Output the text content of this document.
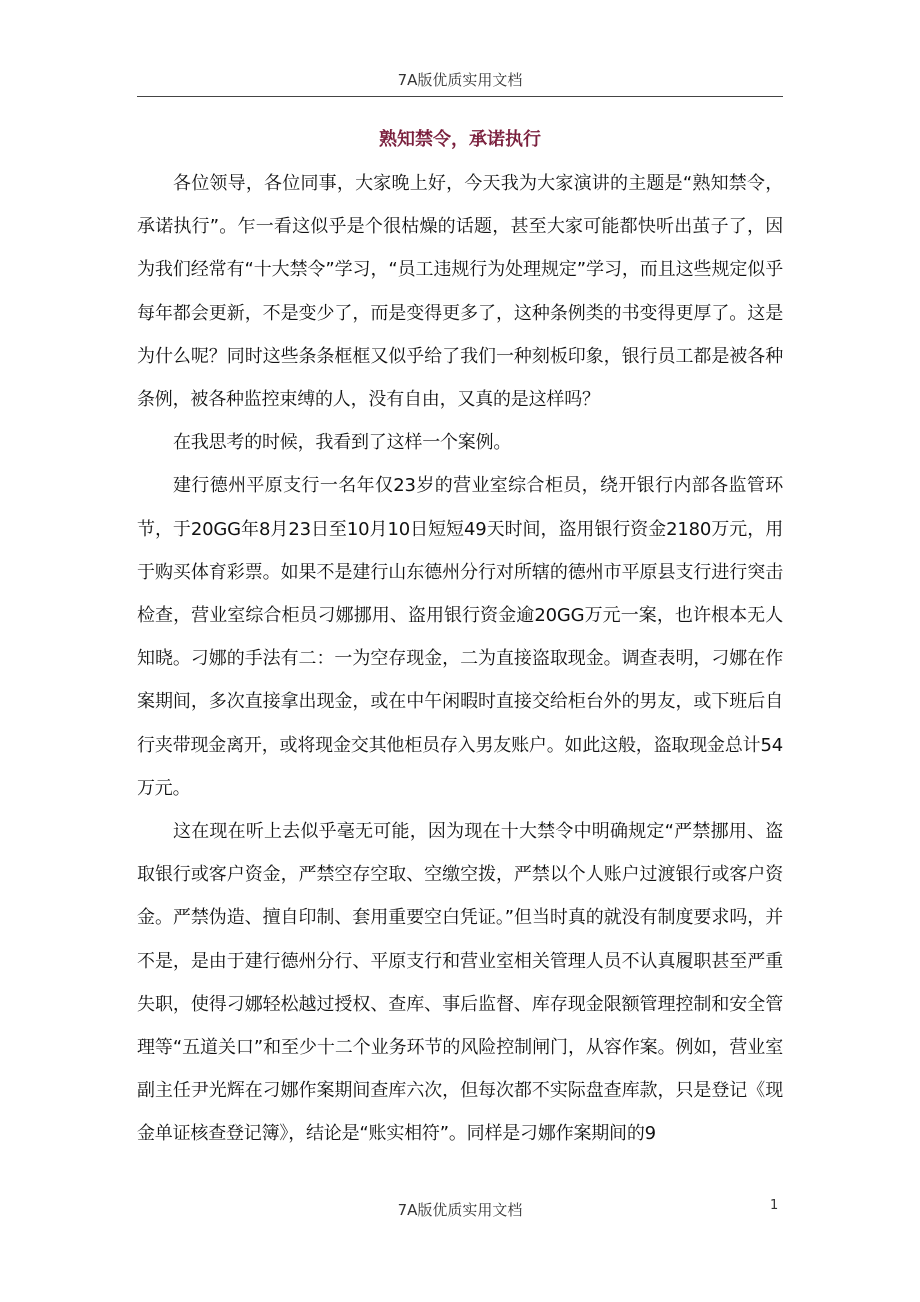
7A版优质实用文档
熟知禁令，承诺执行

各位领导，各位同事，大家晚上好，今天我为大家演讲的主题是“熟知禁令，承诺执行”。乍一看这似乎是个很枯燥的话题，甚至大家可能都快听出茧子了，因为我们经常有“十大禁令”学习，“员工违规行为处理规定”学习，而且这些规定似乎每年都会更新，不是变少了，而是变得更多了，这种条例类的书变得更厚了。这是为什么呢？同时这些条条框框又似乎给了我们一种刻板印象，银行员工都是被各种条例，被各种监控束缚的人，没有自由，又真的是这样吗？

在我思考的时候，我看到了这样一个案例。

建行德州平原支行一名年仅23岁的营业室综合柜员，绕开银行内部各监管环节，于20GG年8月23日至10月10日短短49天时间，盗用银行资金2180万元，用于购买体育彩票。如果不是建行山东德州分行对所辖的德州市平原县支行进行突击检查，营业室综合柜员刁娜挪用、盗用银行资金逾20GG万元一案，也许根本无人知晓。刁娜的手法有二：一为空存现金，二为直接盗取现金。调查表明，刁娜在作案期间，多次直接拿出现金，或在中午闲暇时直接交给柜台外的男友，或下班后自行夹带现金离开，或将现金交其他柜员存入男友账户。如此这般，盗取现金总计54万元。

这在现在听上去似乎毫无可能，因为现在十大禁令中明确规定“严禁挪用、盗取银行或客户资金，严禁空存空取、空缴空拨，严禁以个人账户过渡银行或客户资金。严禁伪造、擅自印制、套用重要空白凭证。”但当时真的就没有制度要求吗，并不是，是由于建行德州分行、平原支行和营业室相关管理人员不认真履职甚至严重失职，使得刁娜轻松越过授权、查库、事后监督、库存现金限额管理控制和安全管理等“五道关口”和至少十二个业务环节的风险控制闸门，从容作案。例如，营业室副主任尹光辉在刁娜作案期间查库六次，但每次都不实际盘查库款，只是登记《现金单证核查登记簿》，结论是“账实相符”。同样是刁娜作案期间的9

1
7A版优质实用文档
